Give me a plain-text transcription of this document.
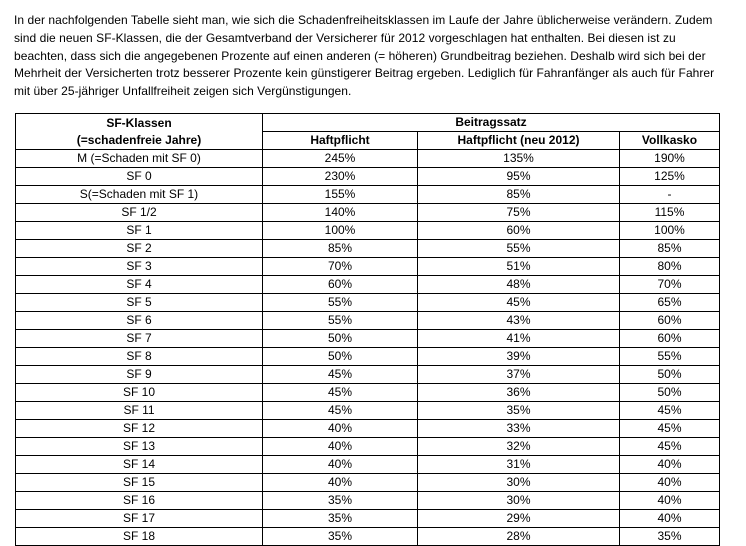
In der nachfolgenden Tabelle sieht man, wie sich die Schadenfreiheitsklassen im Laufe der Jahre üblicherweise verändern. Zudem sind die neuen SF-Klassen, die der Gesamtverband der Versicherer für 2012 vorgeschlagen hat enthalten. Bei diesen ist zu beachten, dass sich die angegebenen Prozente auf einen anderen (= höheren) Grundbeitrag beziehen. Deshalb wird sich bei der Mehrheit der Versicherten trotz besserer Prozente kein günstigerer Beitrag ergeben. Lediglich für Fahranfänger als auch für Fahrer mit über 25-jähriger Unfallfreiheit zeigen sich Vergünstigungen.

SF-Klassen
(=schadenfreie Jahre)	Beitragssatz		
	Haftpflicht	Haftpflicht (neu 2012)	Vollkasko
M (=Schaden mit SF 0)	245%	135%	190%
SF 0	230%	95%	125%
S(=Schaden mit SF 1)	155%	85%	-
SF 1/2	140%	75%	115%
SF 1	100%	60%	100%
SF 2	85%	55%	85%
SF 3	70%	51%	80%
SF 4	60%	48%	70%
SF 5	55%	45%	65%
SF 6	55%	43%	60%
SF 7	50%	41%	60%
SF 8	50%	39%	55%
SF 9	45%	37%	50%
SF 10	45%	36%	50%
SF 11	45%	35%	45%
SF 12	40%	33%	45%
SF 13	40%	32%	45%
SF 14	40%	31%	40%
SF 15	40%	30%	40%
SF 16	35%	30%	40%
SF 17	35%	29%	40%
SF 18	35%	28%	35%
